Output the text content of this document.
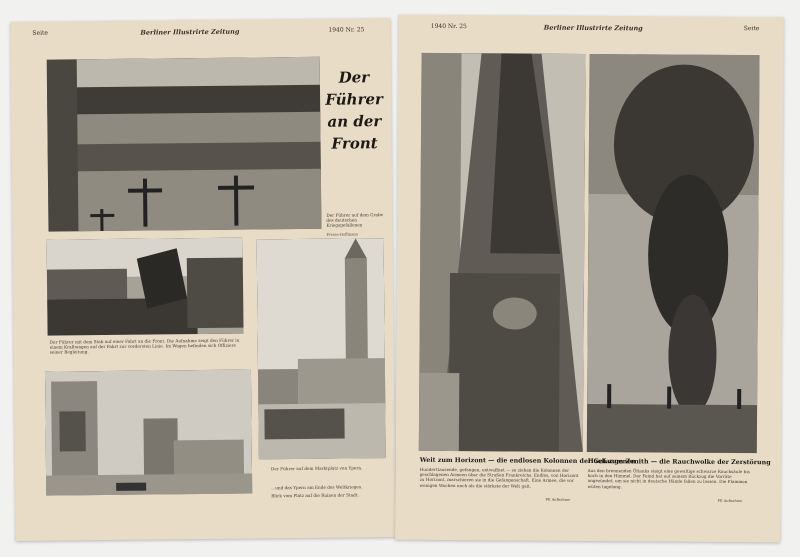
Seite	Berliner Illustrirte Zeitung	1940 Nr. 25
Der
Führer
an der
Front
Der Führer auf dem Grabe des deutschen Kriegsgefallenen
Presse-Hoffmann
Der Führer mit dem Stab auf einer Fahrt an die Front. Die Aufnahme zeigt den Führer in einem Kraftwagen auf der Fahrt zur vordersten Linie. Im Wagen befinden sich Offiziere seiner Begleitung.
Der Führer auf dem Marktplatz von Ypern.
...und das Ypern am Ende des Weltkrieges.
Blick vom Platz auf die Ruinen der Stadt.
1940 Nr. 25	Berliner Illustrirte Zeitung	Seite
Weit zum Horizont — die endlosen Kolonnen der Gefangenen
Hoch zum Zenith — die Rauchwolke der Zerstörung
Hunderttausende, gefangen, entwaffnet — so ziehen die Kolonnen der geschlagenen Armeen über die Straßen Frankreichs. Endlos, von Horizont zu Horizont, marschieren sie in die Gefangenschaft. Eine Armee, die vor wenigen Wochen noch als die stärkste der Welt galt.
Aus den brennenden Öltanks steigt eine gewaltige schwarze Rauchsäule bis hoch in den Himmel. Der Feind hat auf seinem Rückzug die Vorräte angezündet, um sie nicht in deutsche Hände fallen zu lassen. Die Flammen wüten tagelang.
PK Aufnahme	PK Aufnahme
